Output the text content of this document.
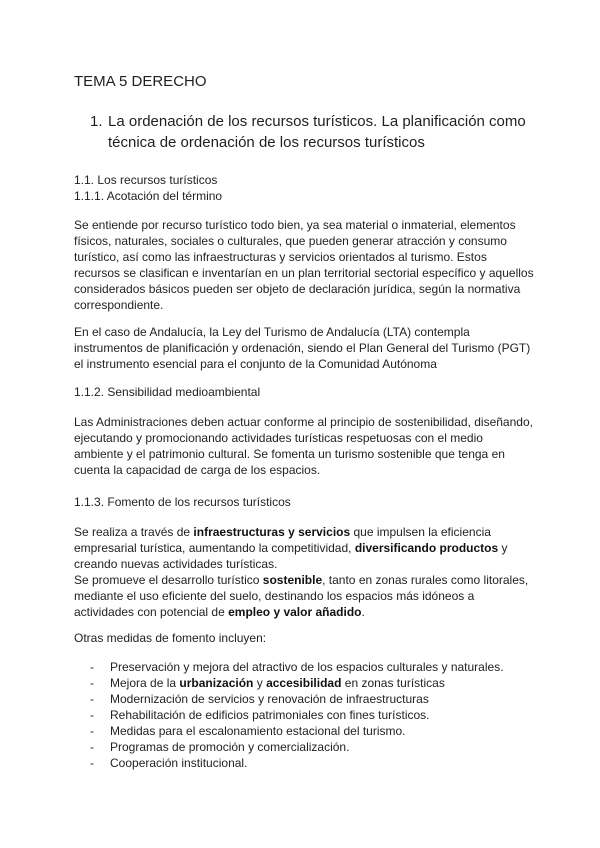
TEMA 5 DERECHO
1. La ordenación de los recursos turísticos. La planificación como técnica de ordenación de los recursos turísticos

1.1. Los recursos turísticos

1.1.1. Acotación del término

Se entiende por recurso turístico todo bien, ya sea material o inmaterial, elementos físicos, naturales, sociales o culturales, que pueden generar atracción y consumo turístico, así como las infraestructuras y servicios orientados al turismo. Estos recursos se clasifican e inventarían en un plan territorial sectorial específico y aquellos considerados básicos pueden ser objeto de declaración jurídica, según la normativa correspondiente.

En el caso de Andalucía, la Ley del Turismo de Andalucía (LTA) contempla instrumentos de planificación y ordenación, siendo el Plan General del Turismo (PGT) el instrumento esencial para el conjunto de la Comunidad Autónoma

1.1.2. Sensibilidad medioambiental

Las Administraciones deben actuar conforme al principio de sostenibilidad, diseñando, ejecutando y promocionando actividades turísticas respetuosas con el medio ambiente y el patrimonio cultural. Se fomenta un turismo sostenible que tenga en cuenta la capacidad de carga de los espacios.

1.1.3. Fomento de los recursos turísticos

Se realiza a través de infraestructuras y servicios que impulsen la eficiencia empresarial turística, aumentando la competitividad, diversificando productos y creando nuevas actividades turísticas.

Se promueve el desarrollo turístico sostenible, tanto en zonas rurales como litorales, mediante el uso eficiente del suelo, destinando los espacios más idóneos a actividades con potencial de empleo y valor añadido.

Otras medidas de fomento incluyen:

- Preservación y mejora del atractivo de los espacios culturales y naturales.
- Mejora de la urbanización y accesibilidad en zonas turísticas
- Modernización de servicios y renovación de infraestructuras
- Rehabilitación de edificios patrimoniales con fines turísticos.
- Medidas para el escalonamiento estacional del turismo.
- Programas de promoción y comercialización.
- Cooperación institucional.
